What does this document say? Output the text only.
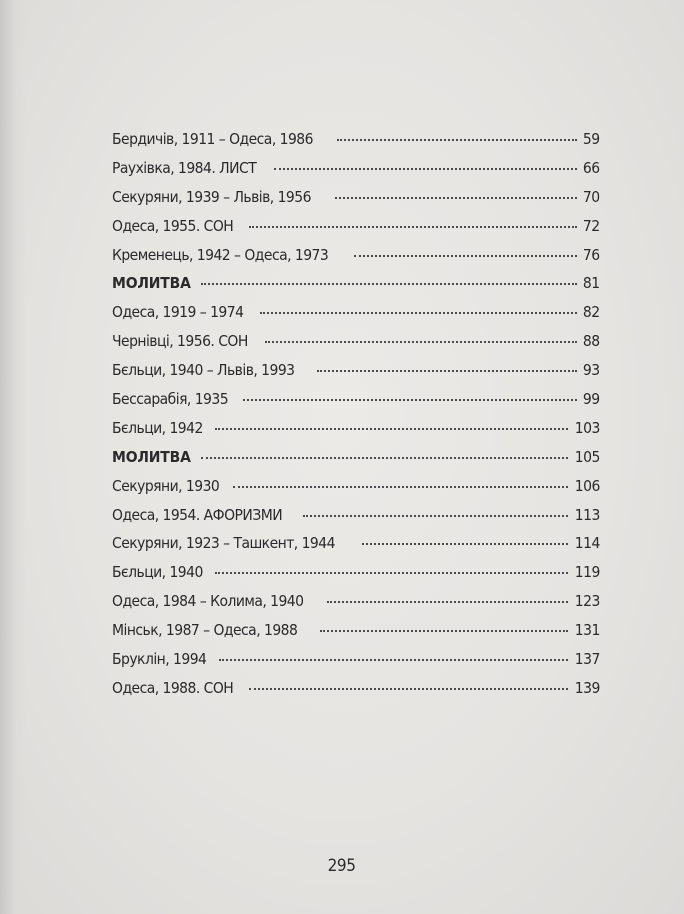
Бердичів, 1911 – Одеса, 1986	59
Раухівка, 1984. ЛИСТ	66
Секуряни, 1939 – Львів, 1956	70
Одеса, 1955. СОН	72
Кременець, 1942 – Одеса, 1973	76
МОЛИТВА	81
Одеса, 1919 – 1974	82
Чернівці, 1956. СОН	88
Бєльци, 1940 – Львів, 1993	93
Бессарабія, 1935	99
Бєльци, 1942	103
МОЛИТВА	105
Секуряни, 1930	106
Одеса, 1954. АФОРИЗМИ	113
Секуряни, 1923 – Ташкент, 1944	114
Бєльци, 1940	119
Одеса, 1984 – Колима, 1940	123
Мінськ, 1987 – Одеса, 1988	131
Бруклін, 1994	137
Одеса, 1988. СОН	139
295
